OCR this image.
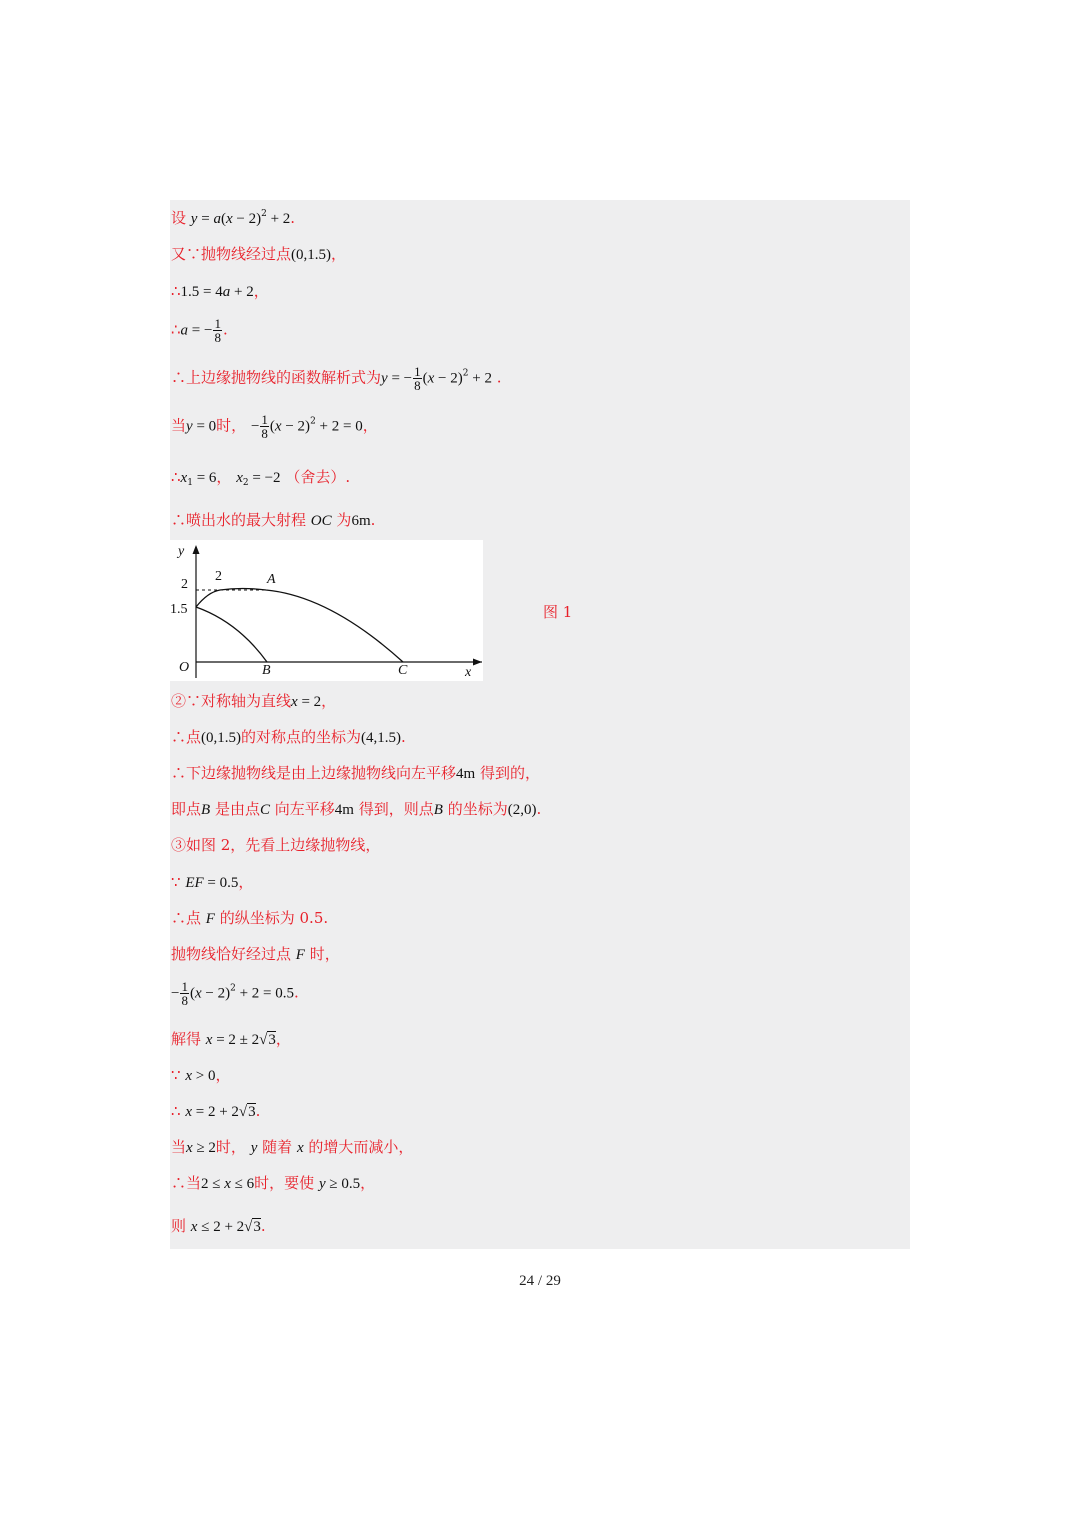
设 $y = a(x - 2)^2 + 2$.
又∵抛物线经过点(0,1.5)，
∴1.5 = 4a + 2，
∴a = − $\frac{1}{8}$ .
∴上边缘抛物线的函数解析式为y = − $\frac{1}{8} (x - 2)^2 + 2$ .
当y = 0时， − $\frac{1}{8} (x - 2)^2 + 2 = 0$，
$\therefore x_1 = 6$， $x_2 = -2$ （舍去）.
∴喷出水的最大射程 OC 为6m.
y
2
2
1.5
A
O	B	C	x
图 1
②∵对称轴为直线x = 2，
∴点(0,1.5)的对称点的坐标为(4,1.5).
∴下边缘抛物线是由上边缘抛物线向左平移4m 得到的，
即点B 是由点C 向左平移4m 得到，则点B 的坐标为(2,0).
③如图 2，先看上边缘抛物线，
∵ EF = 0.5，
∴点 F 的纵坐标为 0.5.
抛物线恰好经过点 F 时，
− $\frac{1}{8} (x - 2)^2 + 2 = 0.5$.
解得 x = 2 ± 2√3，
∵ x > 0，
∴ x = 2 + 2√3.
当x ≥ 2时， y 随着 x 的增大而减小，
∴当2 ≤ x ≤ 6时，要使 y ≥ 0.5，
则 x ≤ 2 + 2√3.
24 / 29
